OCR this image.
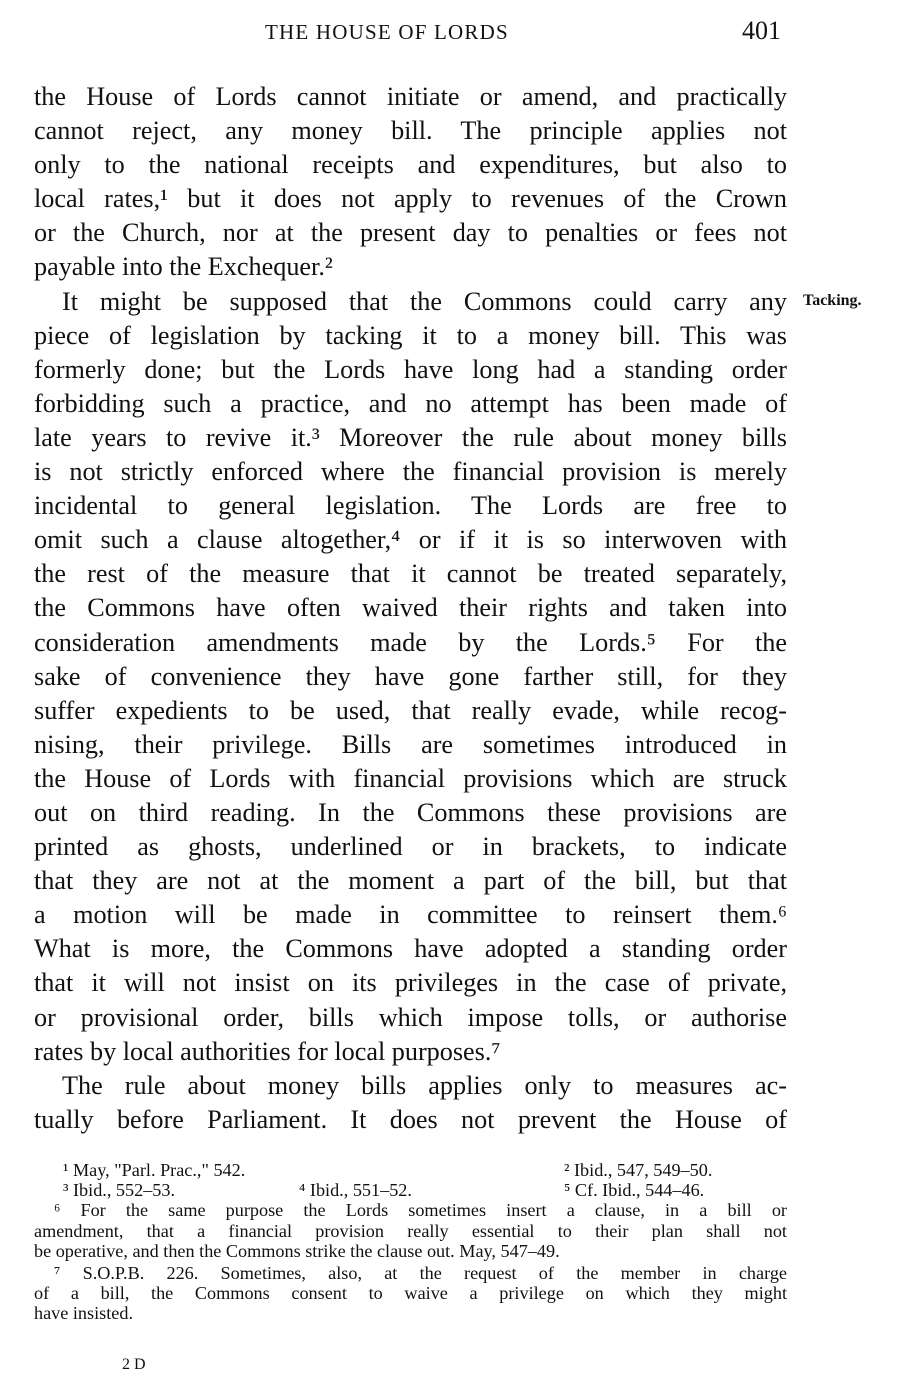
THE HOUSE OF LORDS	401
Tacking.
the House of Lords cannot initiate or amend, and practically
cannot reject, any money bill. The principle applies not
only to the national receipts and expenditures, but also to
local rates,¹ but it does not apply to revenues of the Crown
or the Church, nor at the present day to penalties or fees not
payable into the Exchequer.²
It might be supposed that the Commons could carry any
piece of legislation by tacking it to a money bill. This was
formerly done; but the Lords have long had a standing order
forbidding such a practice, and no attempt has been made of
late years to revive it.³ Moreover the rule about money bills
is not strictly enforced where the financial provision is merely
incidental to general legislation. The Lords are free to
omit such a clause altogether,⁴ or if it is so interwoven with
the rest of the measure that it cannot be treated separately,
the Commons have often waived their rights and taken into
consideration amendments made by the Lords.⁵ For the
sake of convenience they have gone farther still, for they
suffer expedients to be used, that really evade, while recog-
nising, their privilege. Bills are sometimes introduced in
the House of Lords with financial provisions which are struck
out on third reading. In the Commons these provisions are
printed as ghosts, underlined or in brackets, to indicate
that they are not at the moment a part of the bill, but that
a motion will be made in committee to reinsert them.⁶
What is more, the Commons have adopted a standing order
that it will not insist on its privileges in the case of private,
or provisional order, bills which impose tolls, or authorise
rates by local authorities for local purposes.⁷
The rule about money bills applies only to measures ac-
tually before Parliament. It does not prevent the House of
¹ May, "Parl. Prac.," 542.	² Ibid., 547, 549–50.
³ Ibid., 552–53.	⁴ Ibid., 551–52.	⁵ Cf. Ibid., 544–46.
⁶ For the same purpose the Lords sometimes insert a clause, in a bill or
amendment, that a financial provision really essential to their plan shall not
be operative, and then the Commons strike the clause out. May, 547–49.
⁷ S.O.P.B. 226. Sometimes, also, at the request of the member in charge
of a bill, the Commons consent to waive a privilege on which they might
have insisted.
2 D
